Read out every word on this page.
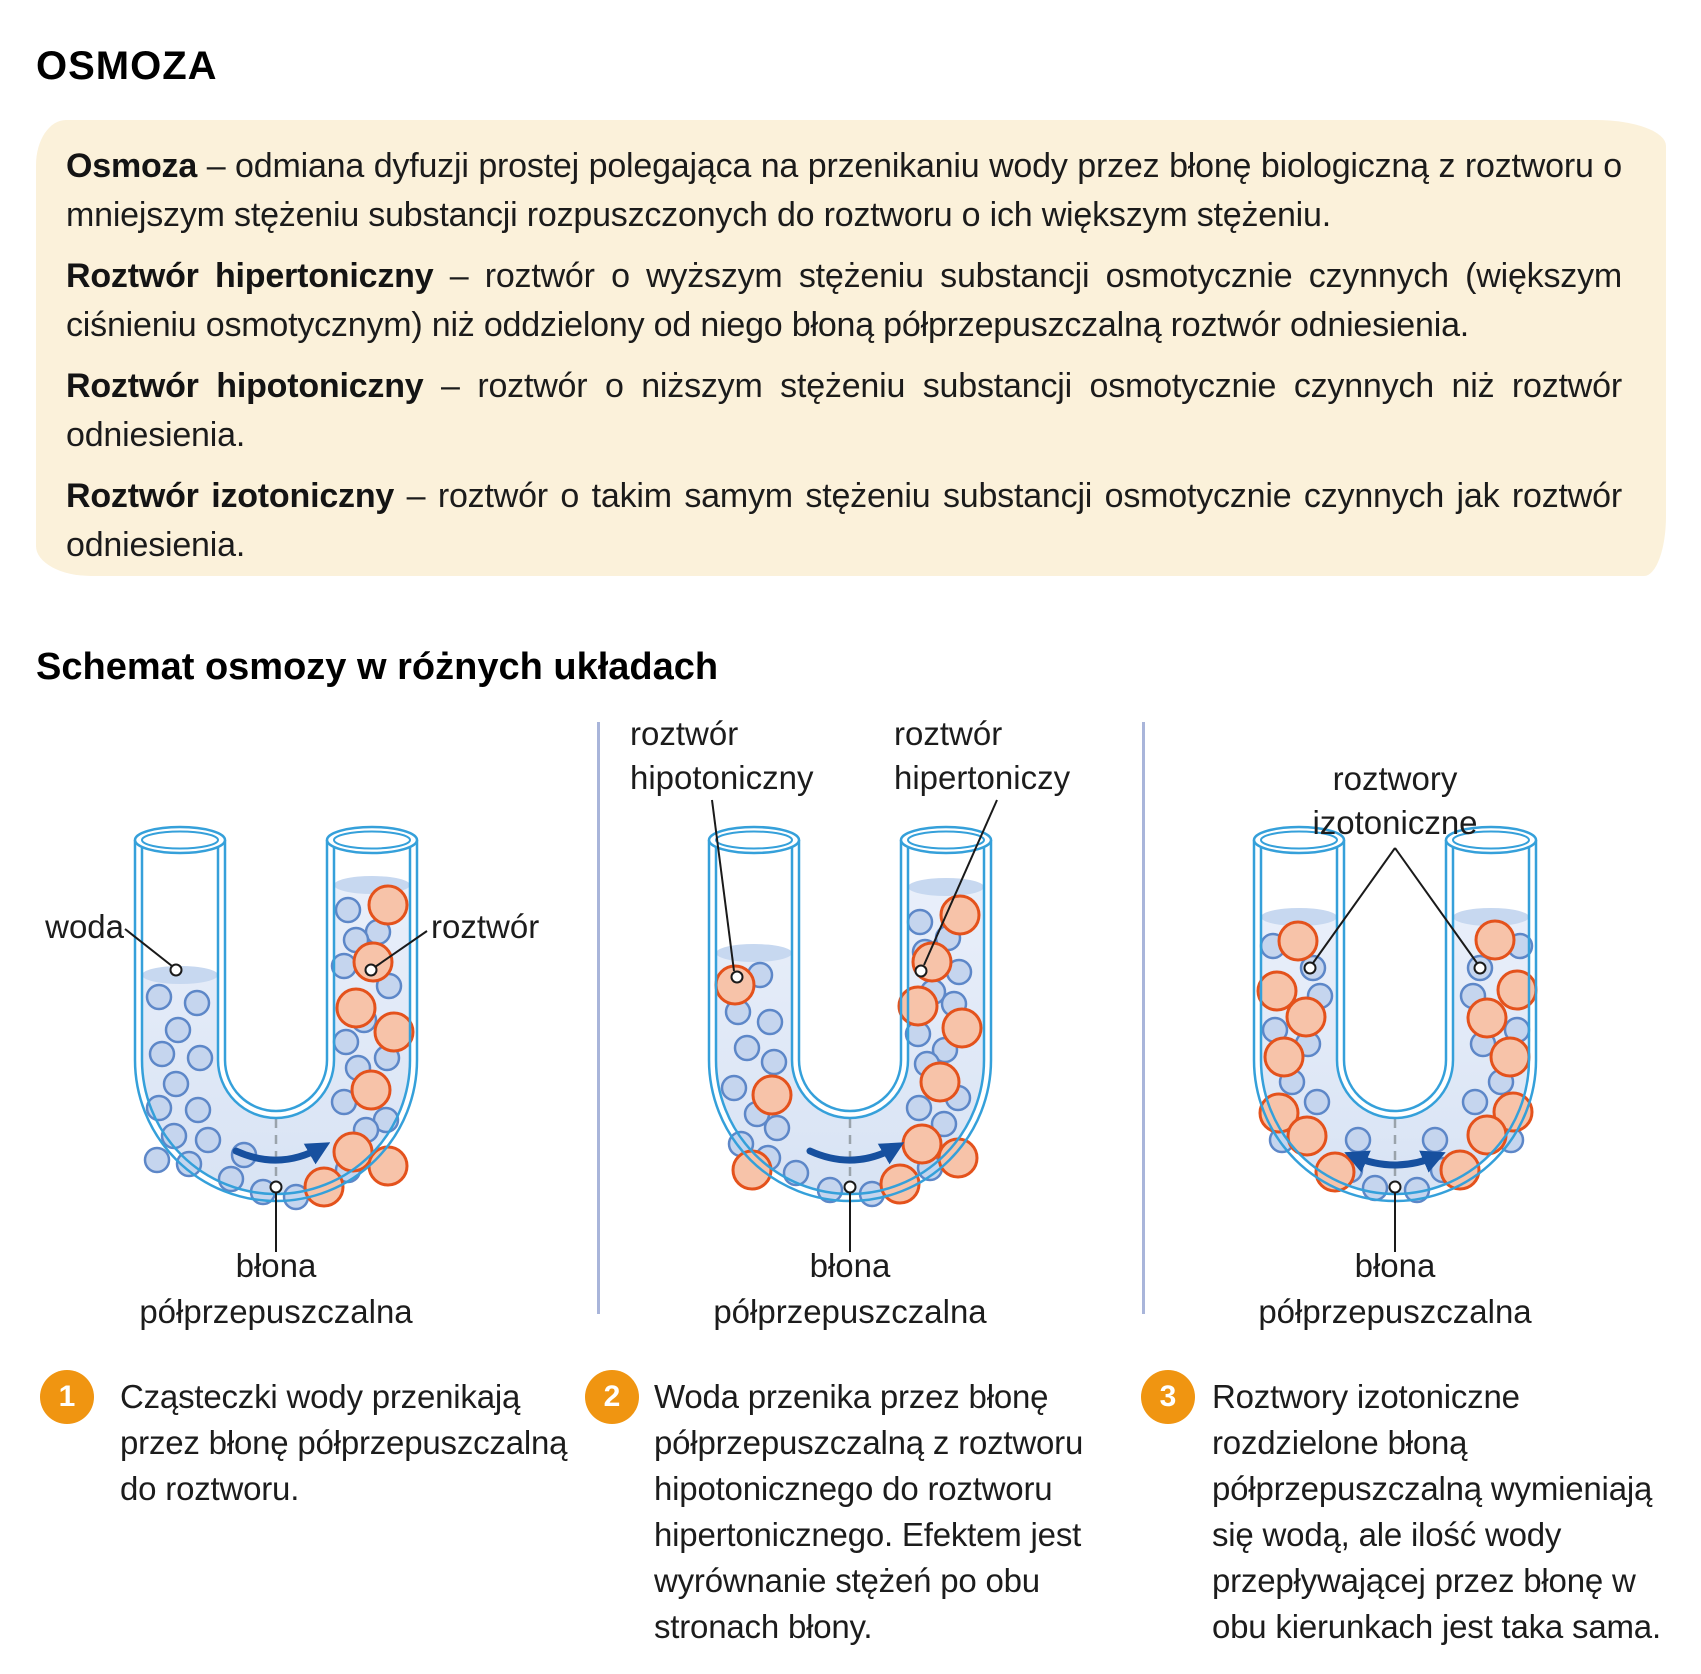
OSMOZA

Osmoza – odmiana dyfuzji prostej polegająca na przenikaniu wody przez błonę biologiczną z roztworu o mniejszym stężeniu substancji rozpuszczonych do roztworu o ich większym stężeniu.

Roztwór hipertoniczny – roztwór o wyższym stężeniu substancji osmotycznie czynnych (większym ciśnieniu osmotycznym) niż oddzielony od niego błoną półprzepuszczalną roztwór odniesienia.

Roztwór hipotoniczny – roztwór o niższym stężeniu substancji osmotycznie czynnych niż roztwór odniesienia.

Roztwór izotoniczny – roztwór o takim samym stężeniu substancji osmotycznie czynnych jak roztwór odniesienia.

Schemat osmozy w różnych układach
woda	roztwór
błona
półprzepuszczalna
roztwór
hipotoniczny
roztwór
hipertoniczy
błona
półprzepuszczalna
roztwory
izotoniczne
błona
półprzepuszczalna
1	Cząsteczki wody przenikają przez błonę półprzepuszczalną do roztworu.
2	Woda przenika przez błonę półprzepuszczalną z roztworu hipotonicznego do roztworu hipertonicznego. Efektem jest wyrównanie stężeń po obu stronach błony.
3	Roztwory izotoniczne rozdzielone błoną półprzepuszczalną wymieniają się wodą, ale ilość wody przepływającej przez błonę w obu kierunkach jest taka sama.
